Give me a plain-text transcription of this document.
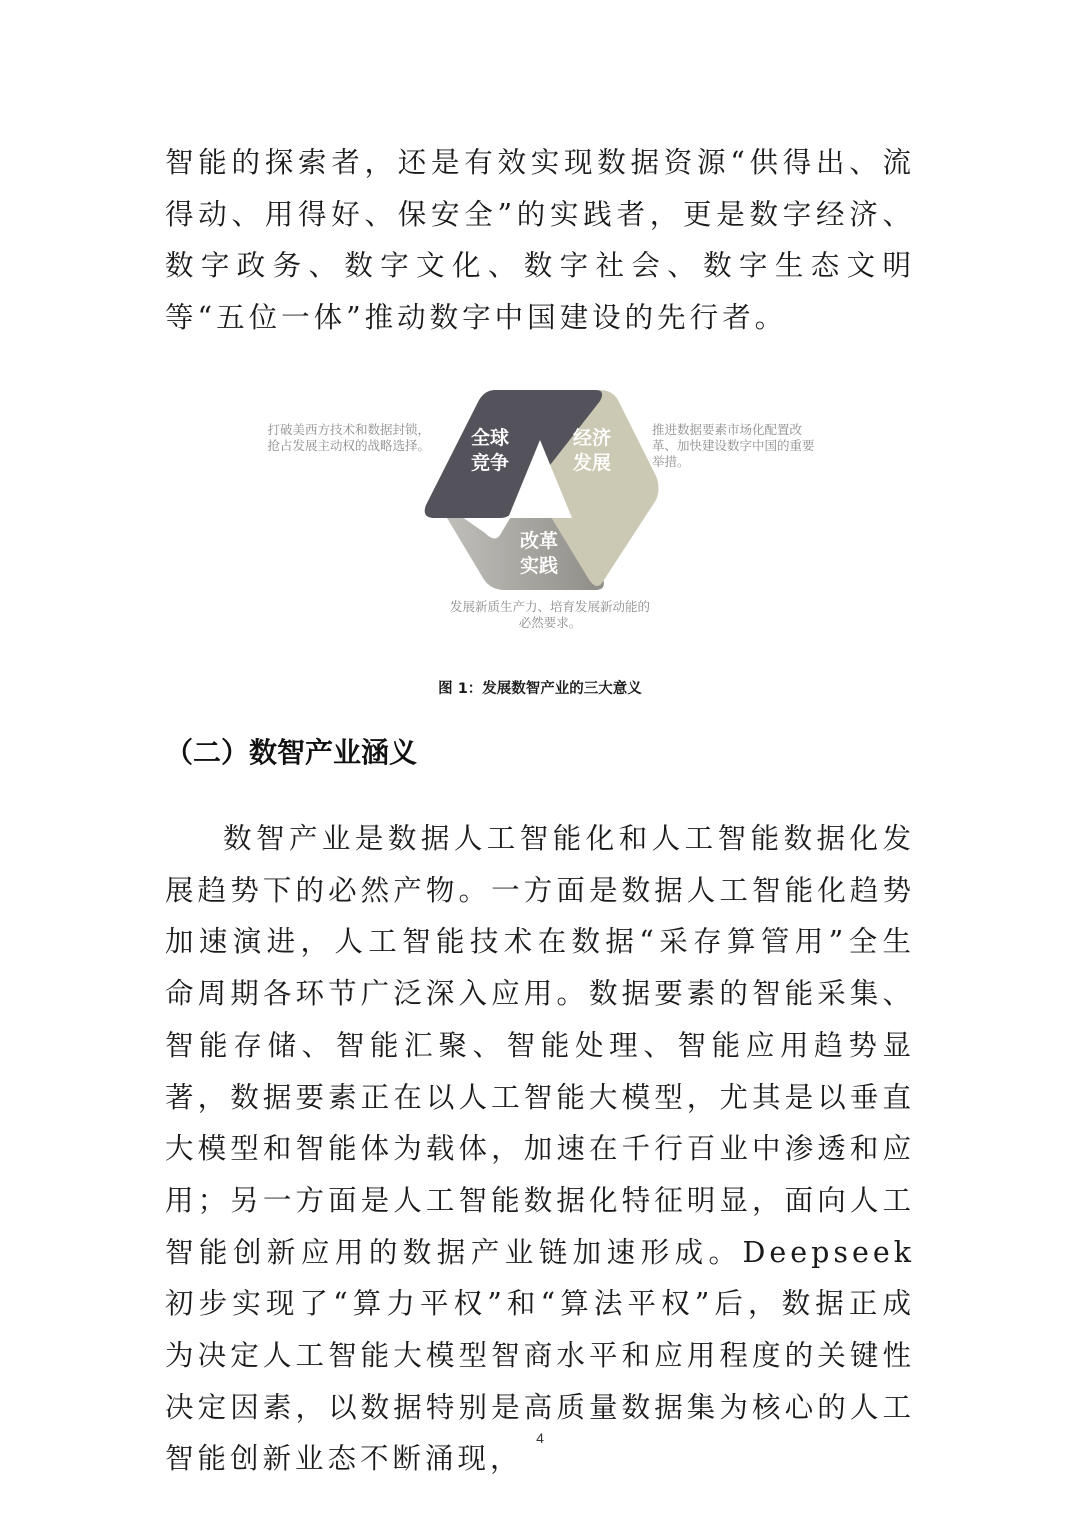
智能的探索者，还是有效实现数据资源“供得出、流得动、用得好、保安全”的实践者，更是数字经济、数字政务、数字文化、数字社会、数字生态文明等“五位一体”推动数字中国建设的先行者。

全球
竞争

经济
发展

改革
实践

打破美西方技术和数据封锁，抢占发展主动权的战略选择。

推进数据要素市场化配置改革、加快建设数字中国的重要举措。

发展新质生产力、培育发展新动能的必然要求。

图 1：发展数智产业的三大意义

（二）数智产业涵义

数智产业是数据人工智能化和人工智能数据化发展趋势下的必然产物。一方面是数据人工智能化趋势加速演进，人工智能技术在数据“采存算管用”全生命周期各环节广泛深入应用。数据要素的智能采集、智能存储、智能汇聚、智能处理、智能应用趋势显著，数据要素正在以人工智能大模型，尤其是以垂直大模型和智能体为载体，加速在千行百业中渗透和应用；另一方面是人工智能数据化特征明显，面向人工智能创新应用的数据产业链加速形成。Deepseek初步实现了“算力平权”和“算法平权”后，数据正成为决定人工智能大模型智商水平和应用程度的关键性决定因素，以数据特别是高质量数据集为核心的人工智能创新业态不断涌现，

4
